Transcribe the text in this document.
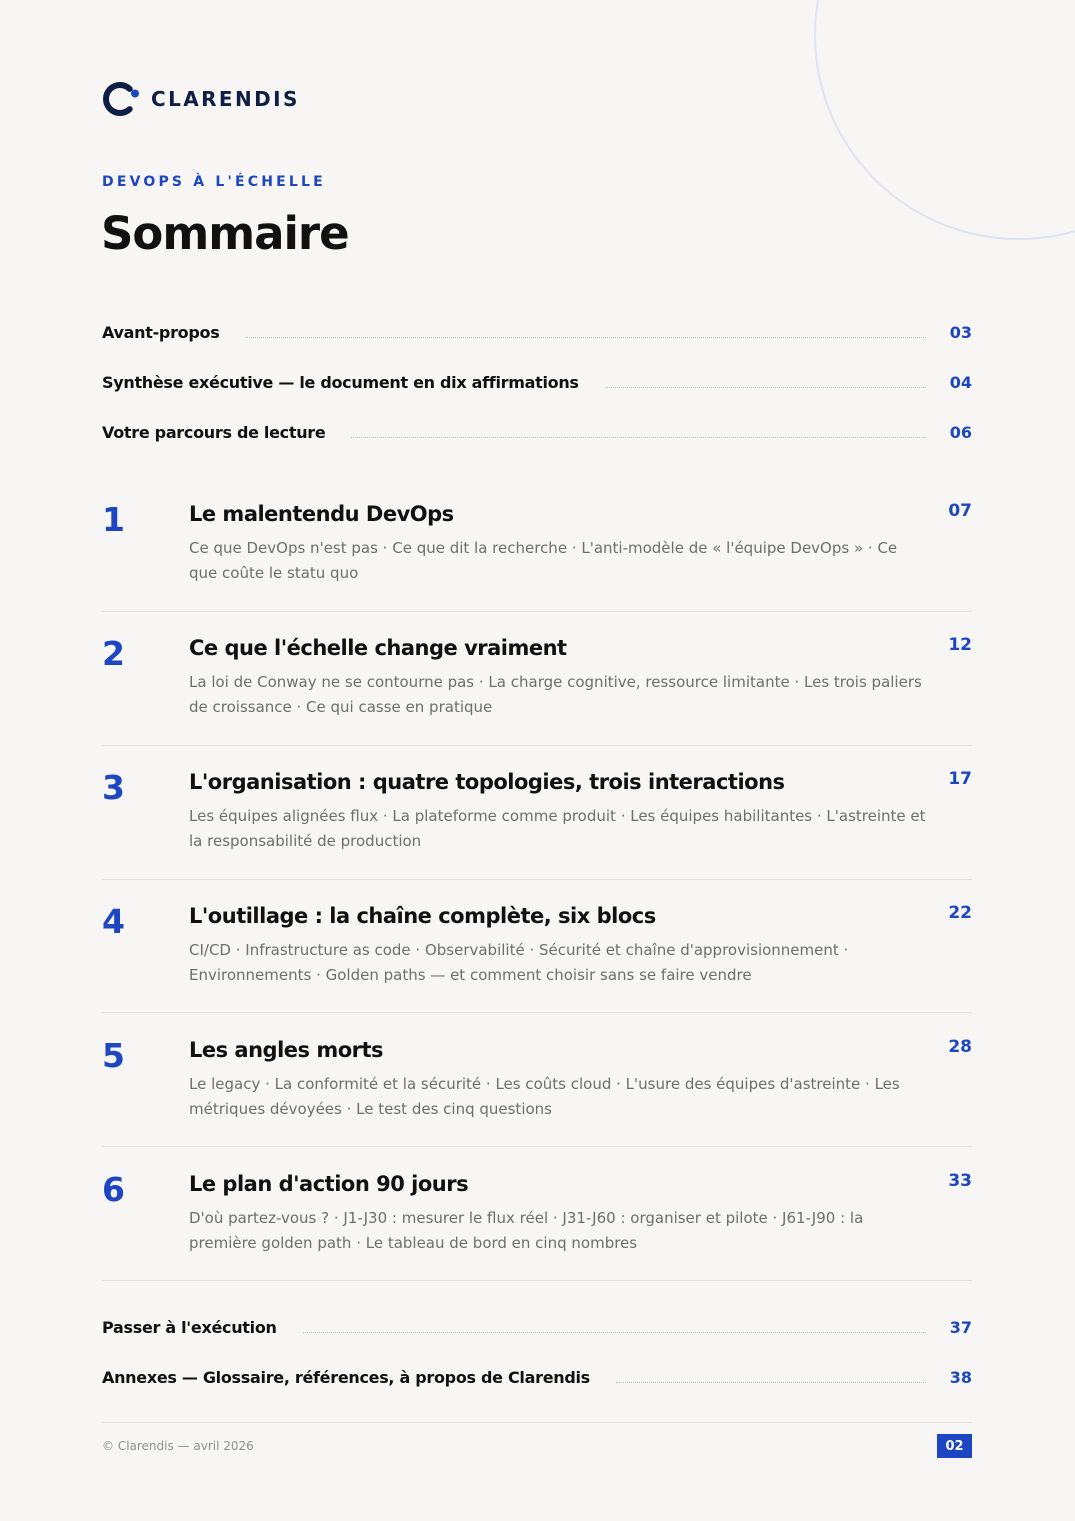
CLARENDIS
DEVOPS À L'ÉCHELLE
Sommaire
Avant-propos	03
Synthèse exécutive — le document en dix affirmations	04
Votre parcours de lecture	06
1	Le malentendu DevOps	07
Ce que DevOps n'est pas · Ce que dit la recherche · L'anti-modèle de « l'équipe DevOps » · Ce que coûte le statu quo
2	Ce que l'échelle change vraiment	12
La loi de Conway ne se contourne pas · La charge cognitive, ressource limitante · Les trois paliers de croissance · Ce qui casse en pratique
3	L'organisation : quatre topologies, trois interactions	17
Les équipes alignées flux · La plateforme comme produit · Les équipes habilitantes · L'astreinte et la responsabilité de production
4	L'outillage : la chaîne complète, six blocs	22
CI/CD · Infrastructure as code · Observabilité · Sécurité et chaîne d'approvisionnement · Environnements · Golden paths — et comment choisir sans se faire vendre
5	Les angles morts	28
Le legacy · La conformité et la sécurité · Les coûts cloud · L'usure des équipes d'astreinte · Les métriques dévoyées · Le test des cinq questions
6	Le plan d'action 90 jours	33
D'où partez-vous ? · J1-J30 : mesurer le flux réel · J31-J60 : organiser et pilote · J61-J90 : la première golden path · Le tableau de bord en cinq nombres
Passer à l'exécution	37
Annexes — Glossaire, références, à propos de Clarendis	38
© Clarendis — avril 2026	02
